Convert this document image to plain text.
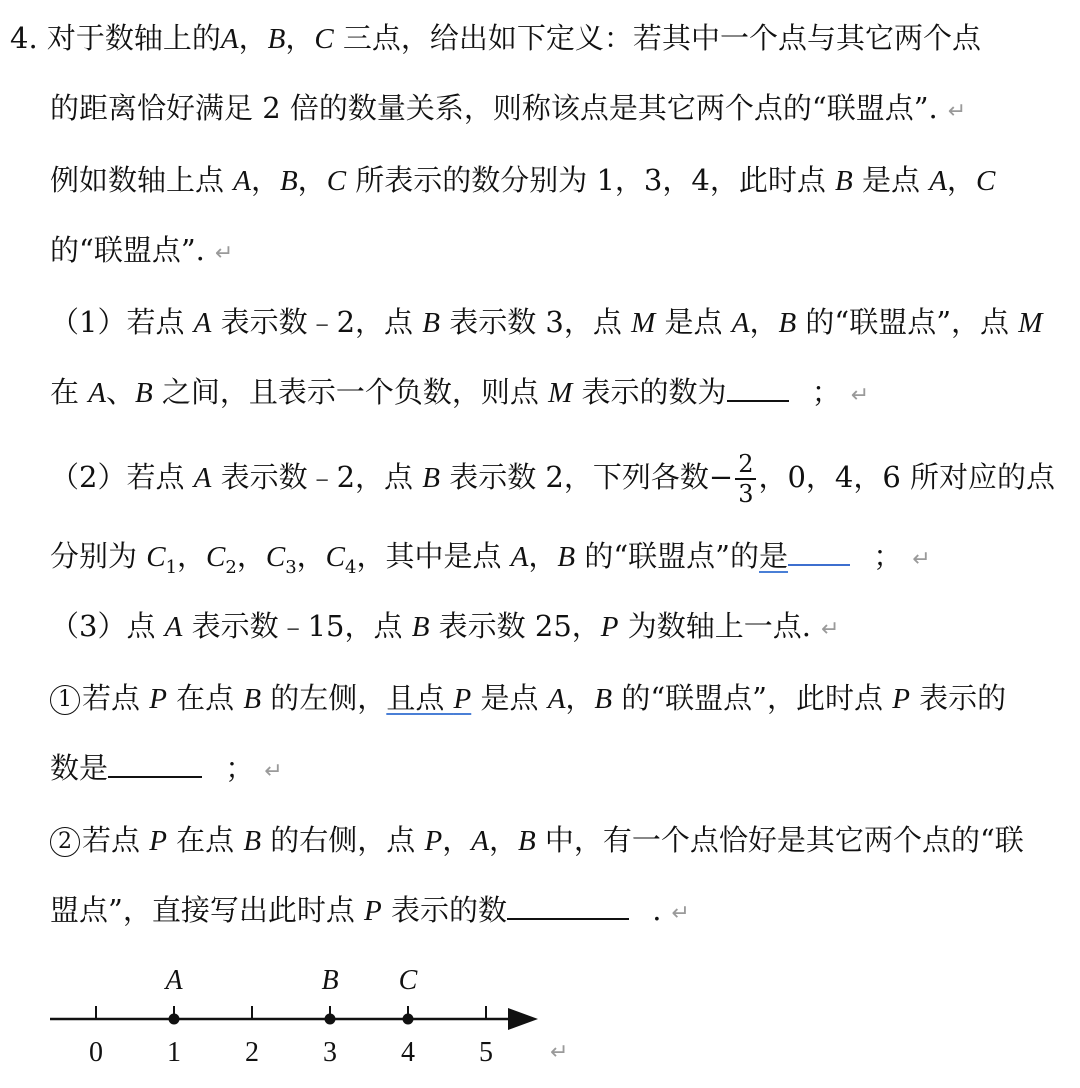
4. 对于数轴上的A，B，C 三点，给出如下定义：若其中一个点与其它两个点
的距离恰好满足 2 倍的数量关系，则称该点是其它两个点的“联盟点”. ↵
例如数轴上点 A，B，C 所表示的数分别为 1，3，4，此时点 B 是点 A，C
的“联盟点”. ↵
（1）若点 A 表示数﹣2，点 B 表示数 3，点 M 是点 A，B 的“联盟点”，点 M
在 A、B 之间，且表示一个负数，则点 M 表示的数为	； ↵
（2）若点 A 表示数﹣2，点 B 表示数 2，下列各数− $\frac{2}{3}$ ，0，4，6 所对应的点
分别为 $C_1$，$C_2$，$C_3$，$C_4$，其中是点 A，B 的“联盟点”的是	； ↵
（3）点 A 表示数﹣15，点 B 表示数 25，P 为数轴上一点. ↵
1 若点 P 在点 B 的左侧，且点 P 是点 A，B 的“联盟点”，此时点 P 表示的
数是	； ↵
2 若点 P 在点 B 的右侧，点 P，A，B 中，有一个点恰好是其它两个点的“联
盟点”，直接写出此时点 P 表示的数	. ↵
0 1 2 3 4 5
A	B C
↵
